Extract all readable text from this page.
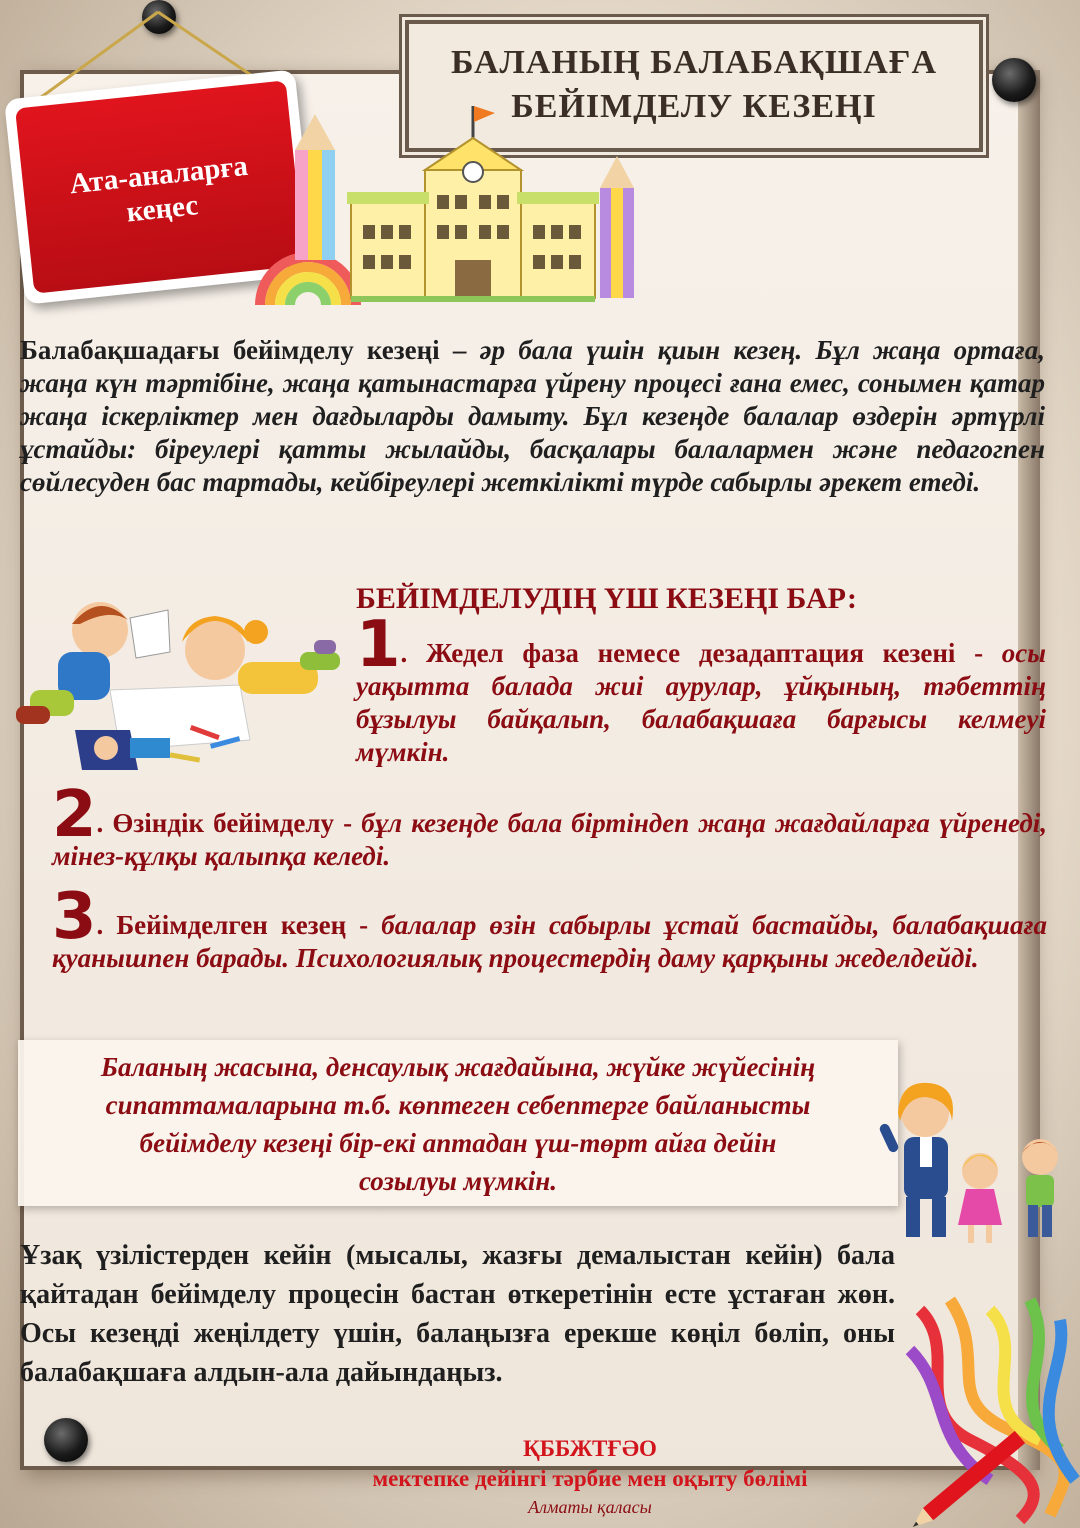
Ата-аналарға
кеңес
БАЛАНЫҢ БАЛАБАҚШАҒА
БЕЙІМДЕЛУ КЕЗЕҢІ
Балабақшадағы бейімделу кезеңі – әр бала үшін қиын кезең. Бұл жаңа ортаға, жаңа күн тәртібіне, жаңа қатынастарға үйрену процесі ғана емес, сонымен қатар жаңа іскерліктер мен дағдыларды дамыту. Бұл кезеңде балалар өздерін әртүрлі ұстайды: біреулері қатты жылайды, басқалары балалармен және педагогпен сөйлесуден бас тартады, кейбіреулері жеткілікті түрде сабырлы әрекет етеді.
БЕЙІМДЕЛУДІҢ ҮШ КЕЗЕҢІ БАР:
1. Жедел фаза немесе дезадаптация кезені - осы уақытта балада жиі аурулар, ұйқының, тәбеттің бұзылуы байқалып, балабақшаға барғысы келмеуі мүмкін.
2. Өзіндік бейімделу - бұл кезеңде бала біртіндеп жаңа жағдайларға үйренеді, мінез-құлқы қалыпқа келеді.
3. Бейімделген кезең - балалар өзін сабырлы ұстай бастайды, балабақшаға қуанышпен барады. Психологиялық процестердің даму қарқыны жеделдейді.
Баланың жасына, денсаулық жағдайына, жүйке жүйесінің
сипаттамаларына т.б. көптеген себептерге байланысты
бейімделу кезеңі бір-екі аптадан үш-төрт айға дейін
созылуы мүмкін.
Ұзақ үзілістерден кейін (мысалы, жазғы демалыстан кейін) бала қайтадан бейімделу процесін бастан өткеретінін есте ұстаған жөн. Осы кезеңді жеңілдету үшін, балаңызға ерекше көңіл бөліп, оны балабақшаға алдын-ала дайындаңыз.
ҚББЖТҒӘО
мектепке дейінгі тәрбие мен оқыту бөлімі
Алматы қаласы
